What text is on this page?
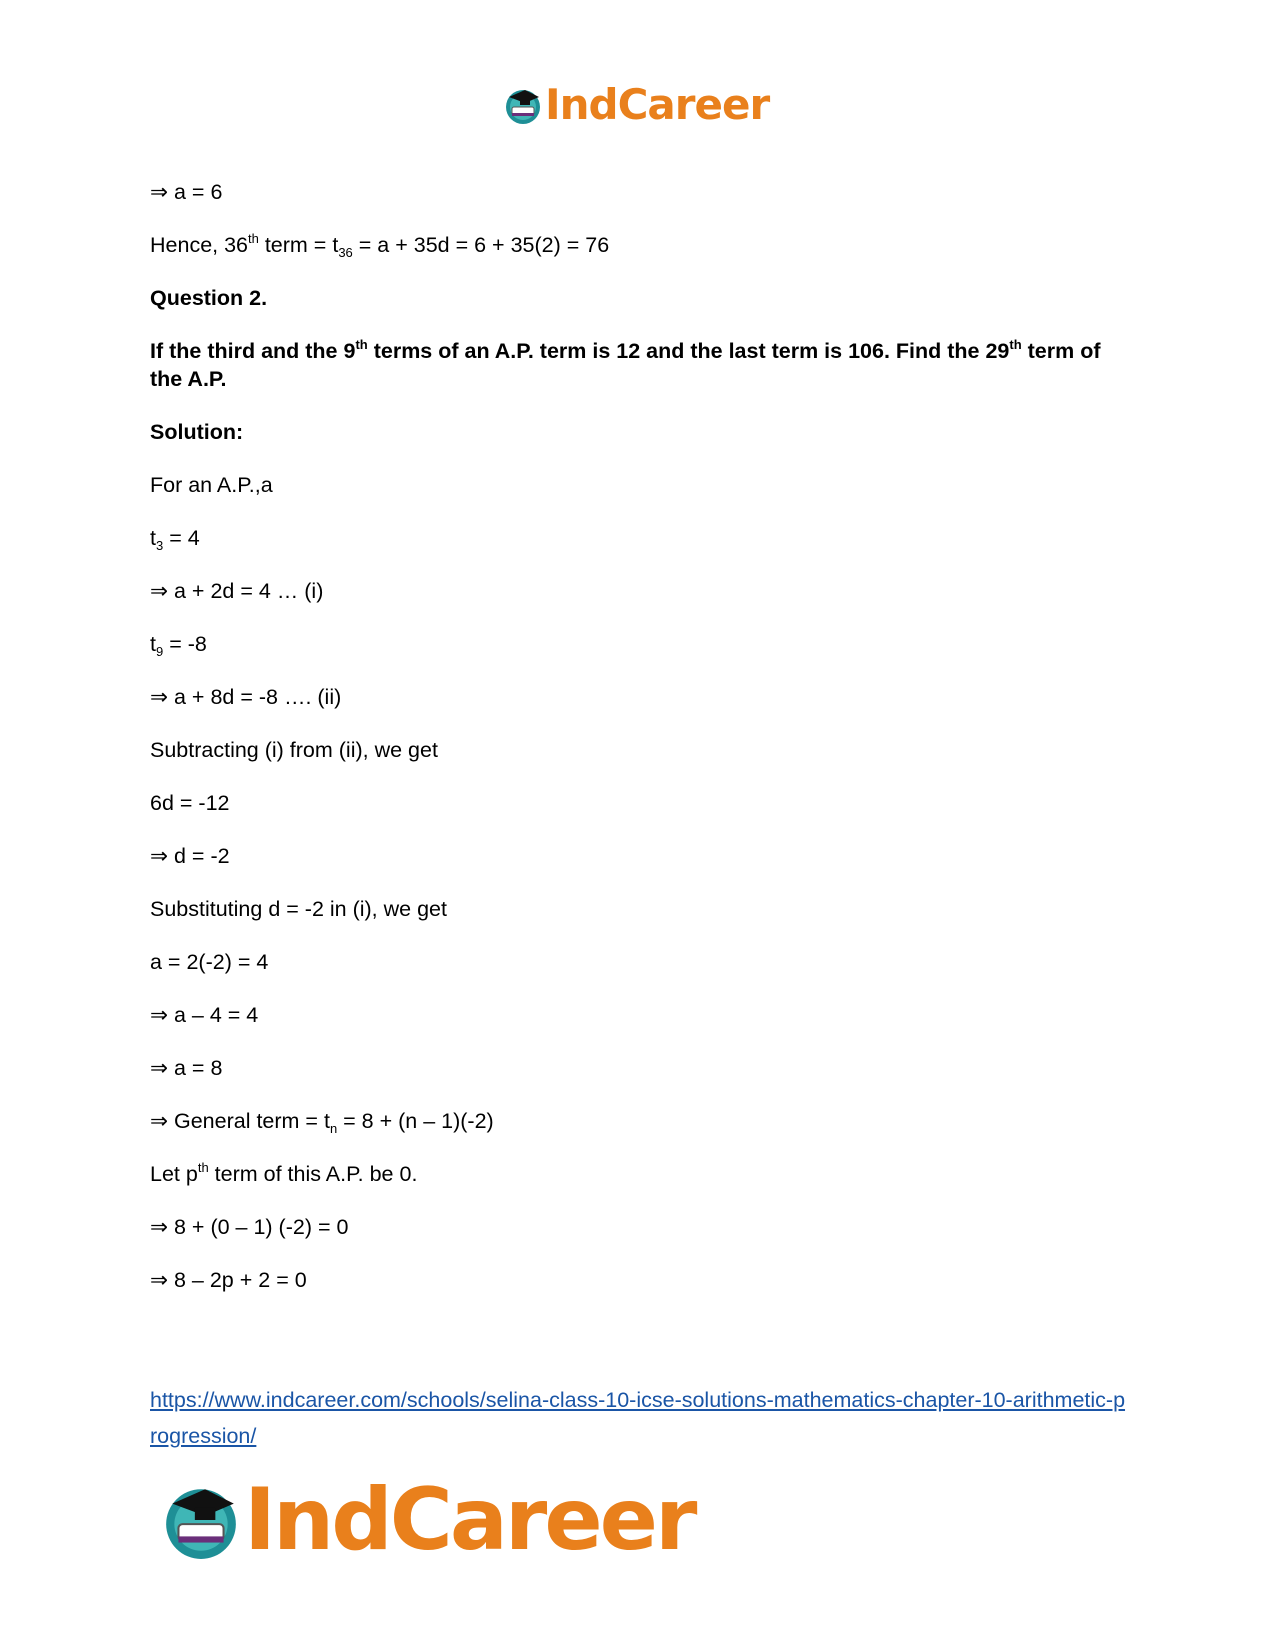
IndCareer
⇒ a = 6
Hence, 36th term = $t_{36} = a + 35d = 6 + 35(2) = 76$
Question 2.
If the third and the 9th terms of an A.P. term is 12 and the last term is 106. Find the 29th term of the A.P.
Solution:
For an A.P.,a
$t_3 = 4$
⇒ a + 2d = 4 … (i)
$t_9 = -8$
⇒ a + 8d = -8 …. (ii)
Subtracting (i) from (ii), we get
6d = -12
⇒ d = -2
Substituting d = -2 in (i), we get
a = 2(-2) = 4
⇒ a – 4 = 4
⇒ a = 8
⇒ General term = $t_n = 8 + (n - 1)(-2)$
Let $p^{th}$ term of this A.P. be 0.
⇒ 8 + (0 – 1) (-2) = 0
⇒ 8 – 2p + 2 = 0
https://www.indcareer.com/schools/selina-class-10-icse-solutions-mathematics-chapter-10-arithmetic-progression/
IndCareer
